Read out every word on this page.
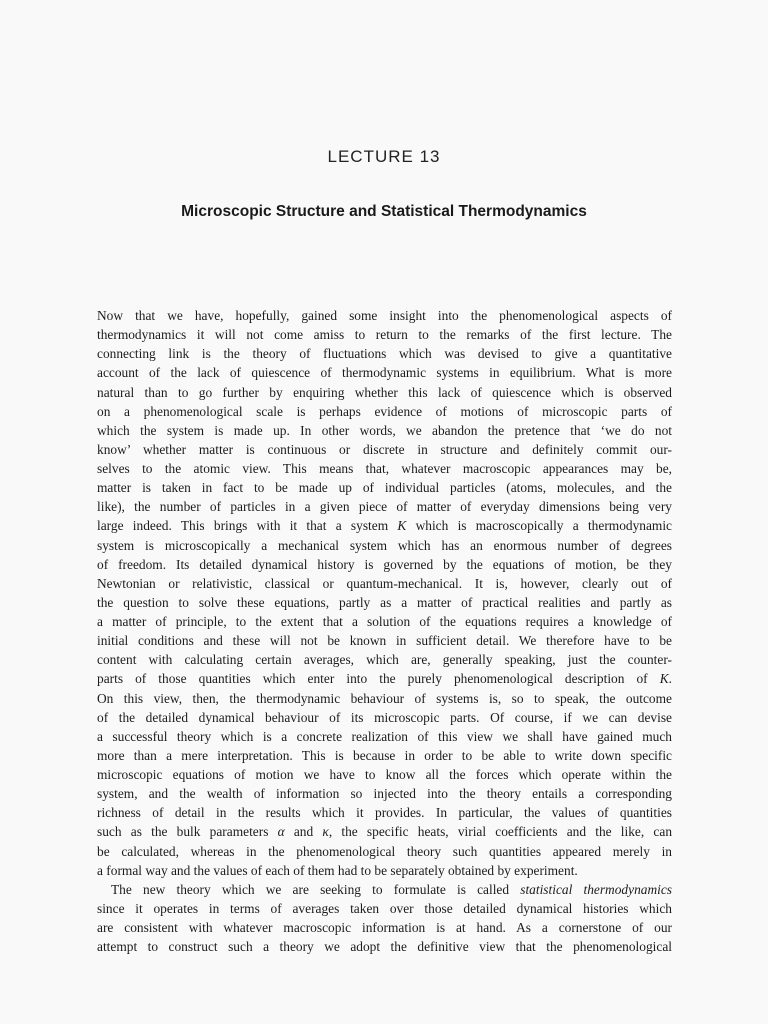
LECTURE 13
Microscopic Structure and Statistical Thermodynamics
Now that we have, hopefully, gained some insight into the phenomenological aspects of
thermodynamics it will not come amiss to return to the remarks of the first lecture. The
connecting link is the theory of fluctuations which was devised to give a quantitative
account of the lack of quiescence of thermodynamic systems in equilibrium. What is more
natural than to go further by enquiring whether this lack of quiescence which is observed
on a phenomenological scale is perhaps evidence of motions of microscopic parts of
which the system is made up. In other words, we abandon the pretence that ‘we do not
know’ whether matter is continuous or discrete in structure and definitely commit our-
selves to the atomic view. This means that, whatever macroscopic appearances may be,
matter is taken in fact to be made up of individual particles (atoms, molecules, and the
like), the number of particles in a given piece of matter of everyday dimensions being very
large indeed. This brings with it that a system K which is macroscopically a thermodynamic
system is microscopically a mechanical system which has an enormous number of degrees
of freedom. Its detailed dynamical history is governed by the equations of motion, be they
Newtonian or relativistic, classical or quantum-mechanical. It is, however, clearly out of
the question to solve these equations, partly as a matter of practical realities and partly as
a matter of principle, to the extent that a solution of the equations requires a knowledge of
initial conditions and these will not be known in sufficient detail. We therefore have to be
content with calculating certain averages, which are, generally speaking, just the counter-
parts of those quantities which enter into the purely phenomenological description of K.
On this view, then, the thermodynamic behaviour of systems is, so to speak, the outcome
of the detailed dynamical behaviour of its microscopic parts. Of course, if we can devise
a successful theory which is a concrete realization of this view we shall have gained much
more than a mere interpretation. This is because in order to be able to write down specific
microscopic equations of motion we have to know all the forces which operate within the
system, and the wealth of information so injected into the theory entails a corresponding
richness of detail in the results which it provides. In particular, the values of quantities
such as the bulk parameters α and κ, the specific heats, virial coefficients and the like, can
be calculated, whereas in the phenomenological theory such quantities appeared merely in
a formal way and the values of each of them had to be separately obtained by experiment.
The new theory which we are seeking to formulate is called statistical thermodynamics
since it operates in terms of averages taken over those detailed dynamical histories which
are consistent with whatever macroscopic information is at hand. As a cornerstone of our
attempt to construct such a theory we adopt the definitive view that the phenomenological
